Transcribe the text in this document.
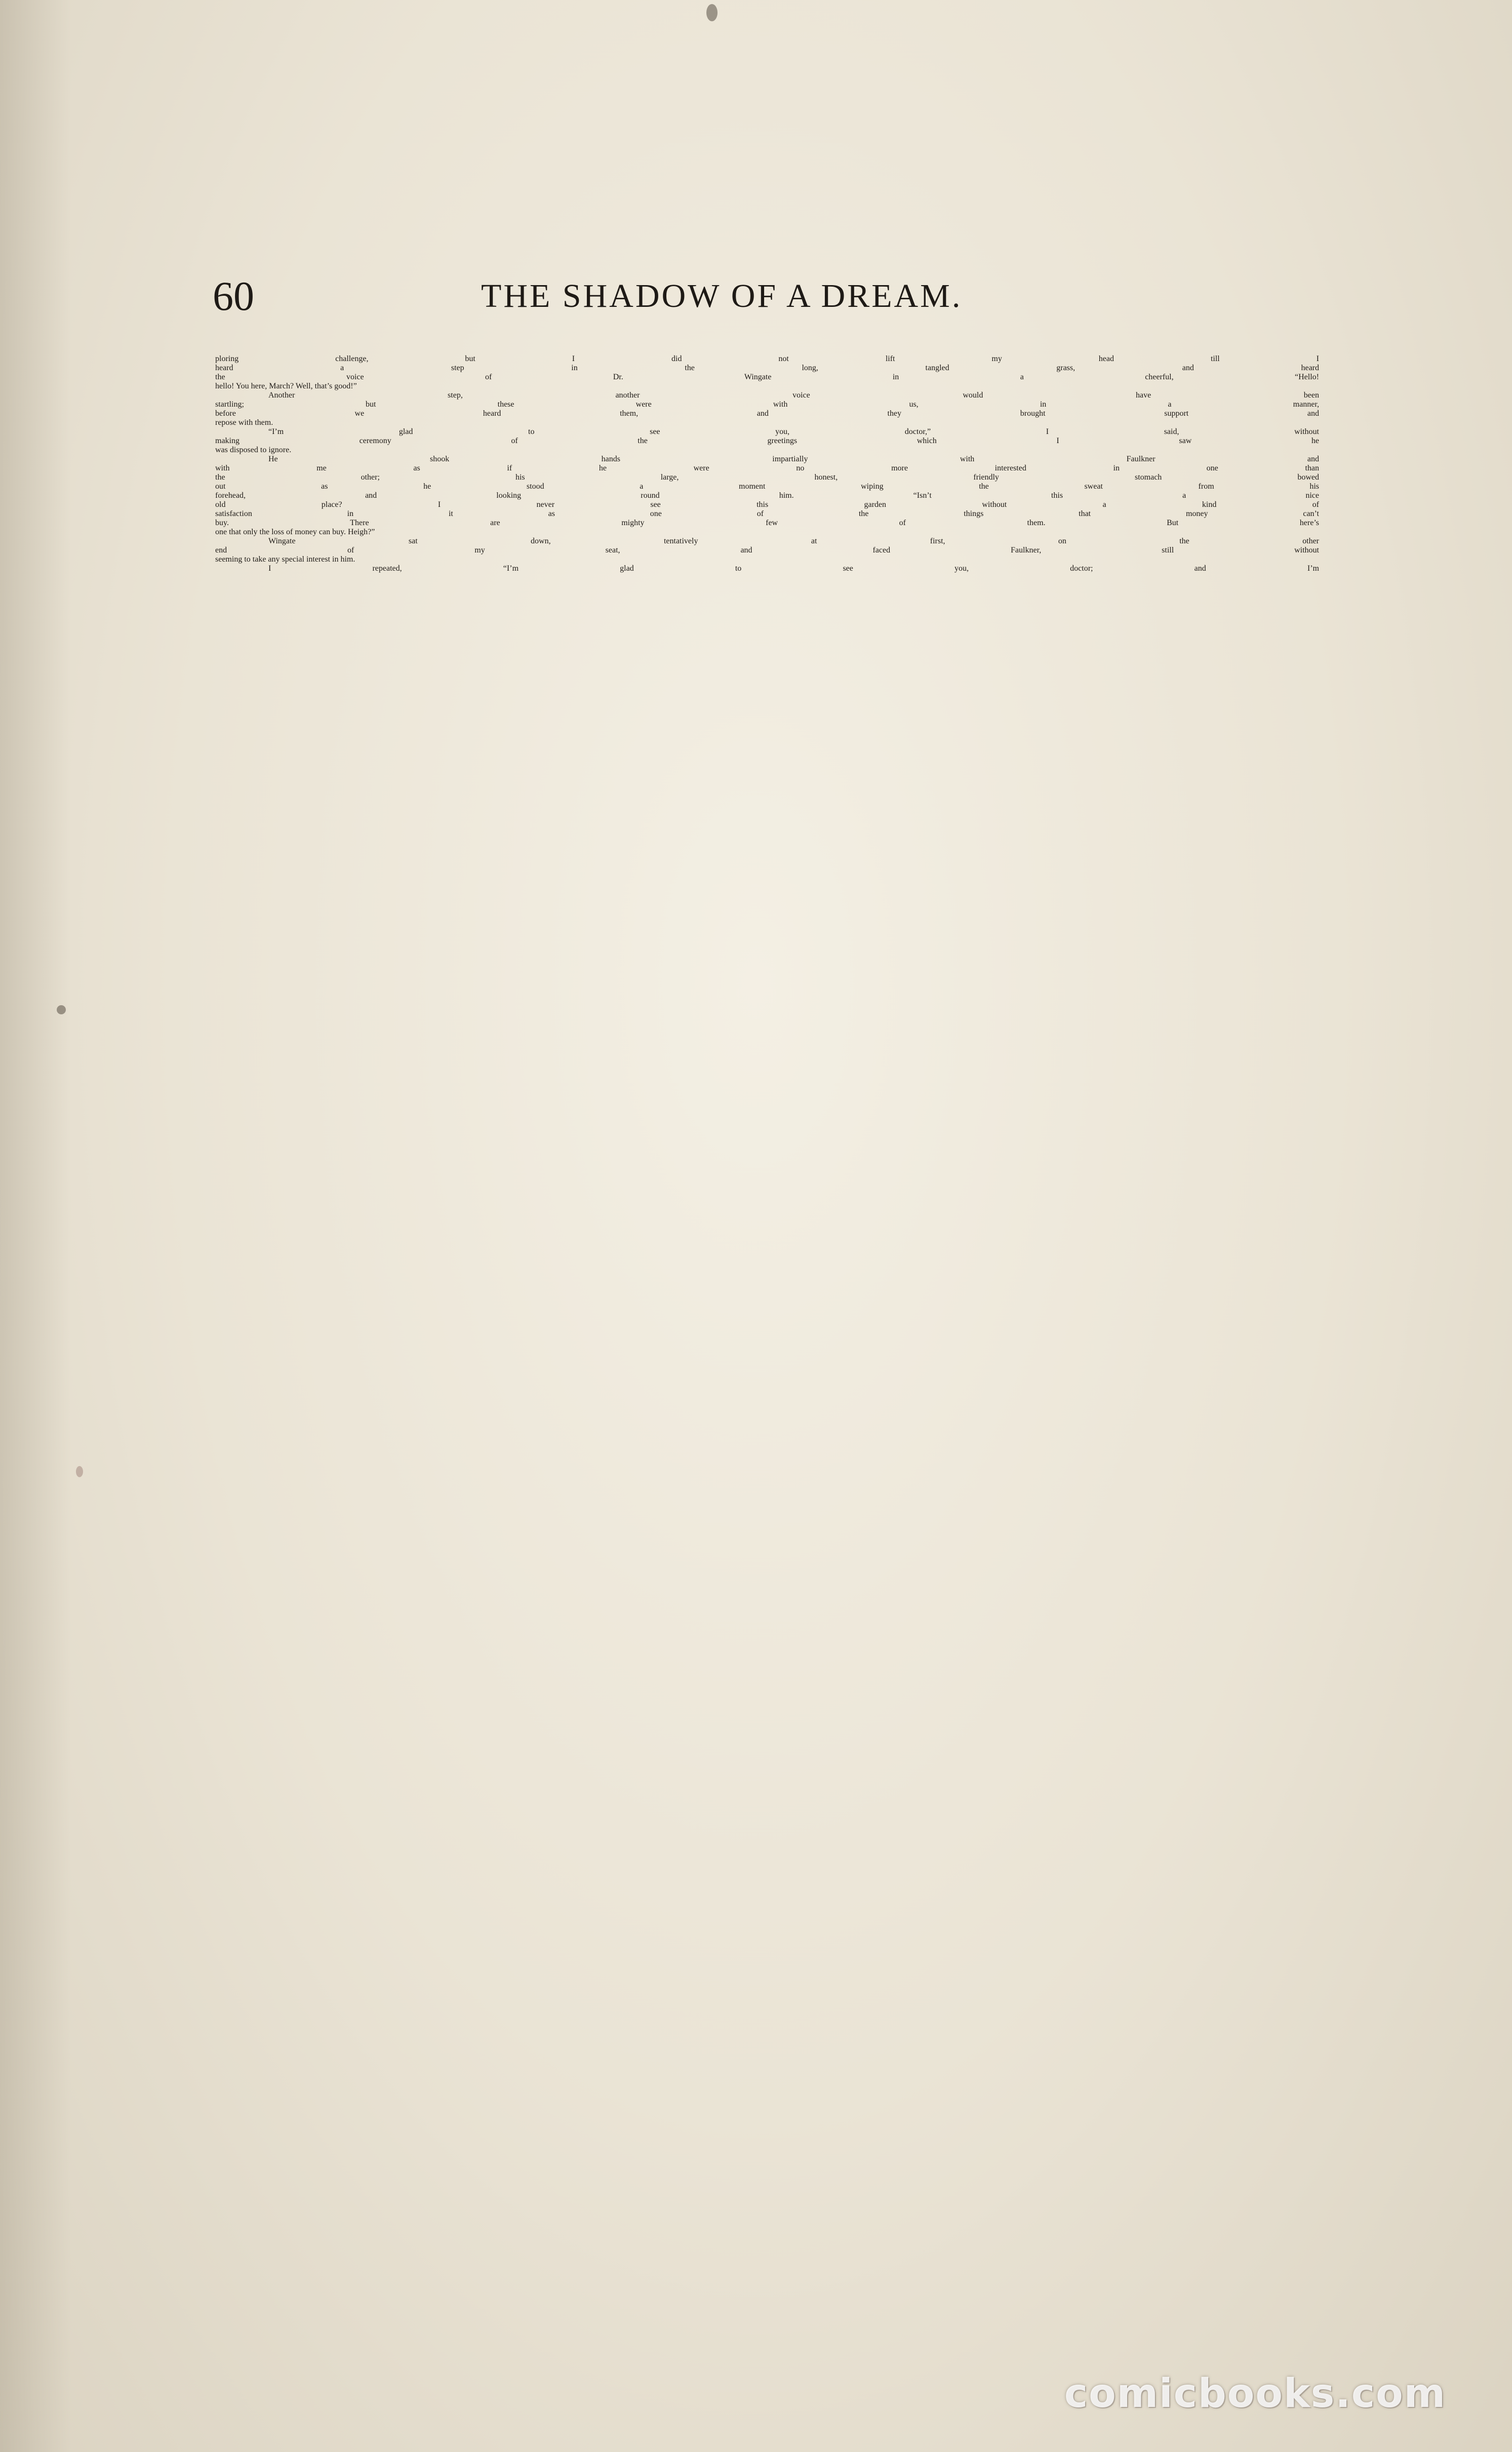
60	THE SHADOW OF A DREAM.
ploring challenge, but I did not lift my head till I
heard a step in the long, tangled grass, and heard
the voice of Dr. Wingate in a cheerful, “Hello!
hello! You here, March? Well, that’s good!”
Another step, another voice would have been
startling; but these were with us, in a manner,
before we heard them, and they brought support and
repose with them.
“I’m glad to see you, doctor,” I said, without
making ceremony of the greetings which I saw he
was disposed to ignore.
He shook hands impartially with Faulkner and
with me as if he were no more interested in one than
the other; his large, honest, friendly stomach bowed
out as he stood a moment wiping the sweat from his
forehead, and looking round him. “Isn’t this a nice
old place? I never see this garden without a kind of
satisfaction in it as one of the things that money can’t
buy. There are mighty few of them. But here’s
one that only the loss of money can buy. Heigh?”
Wingate sat down, tentatively at first, on the other
end of my seat, and faced Faulkner, still without
seeming to take any special interest in him.
I repeated, “I’m glad to see you, doctor; and I’m
comicbooks.com
